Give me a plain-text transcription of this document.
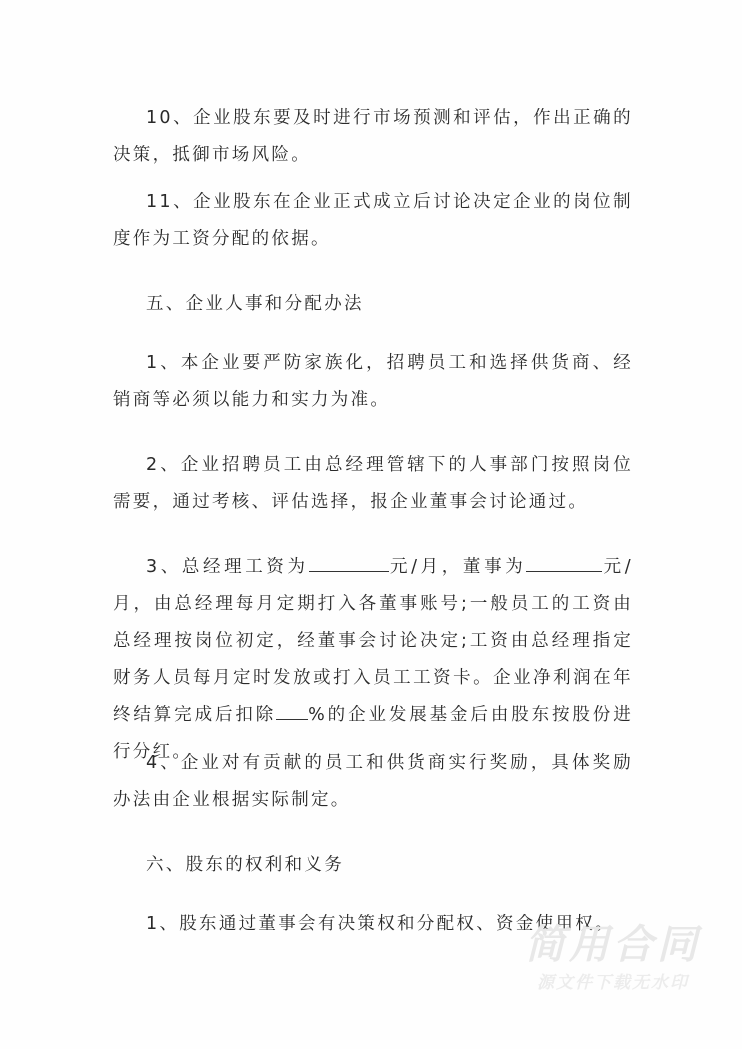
10、企业股东要及时进行市场预测和评估，作出正确的决策，抵御市场风险。

11、企业股东在企业正式成立后讨论决定企业的岗位制度作为工资分配的依据。

五、企业人事和分配办法

1、本企业要严防家族化，招聘员工和选择供货商、经销商等必须以能力和实力为准。

2、企业招聘员工由总经理管辖下的人事部门按照岗位需要，通过考核、评估选择，报企业董事会讨论通过。

3、总经理工资为	元/月，董事为	元/月，由总经理每月定期打入各董事账号;一般员工的工资由总经理按岗位初定，经董事会讨论决定;工资由总经理指定财务人员每月定时发放或打入员工工资卡。企业净利润在年终结算完成后扣除 %的企业发展基金后由股东按股份进行分红。

4、企业对有贡献的员工和供货商实行奖励，具体奖励办法由企业根据实际制定。

六、股东的权利和义务

1、股东通过董事会有决策权和分配权、资金使用权。

简用合同
源文件下载无水印
